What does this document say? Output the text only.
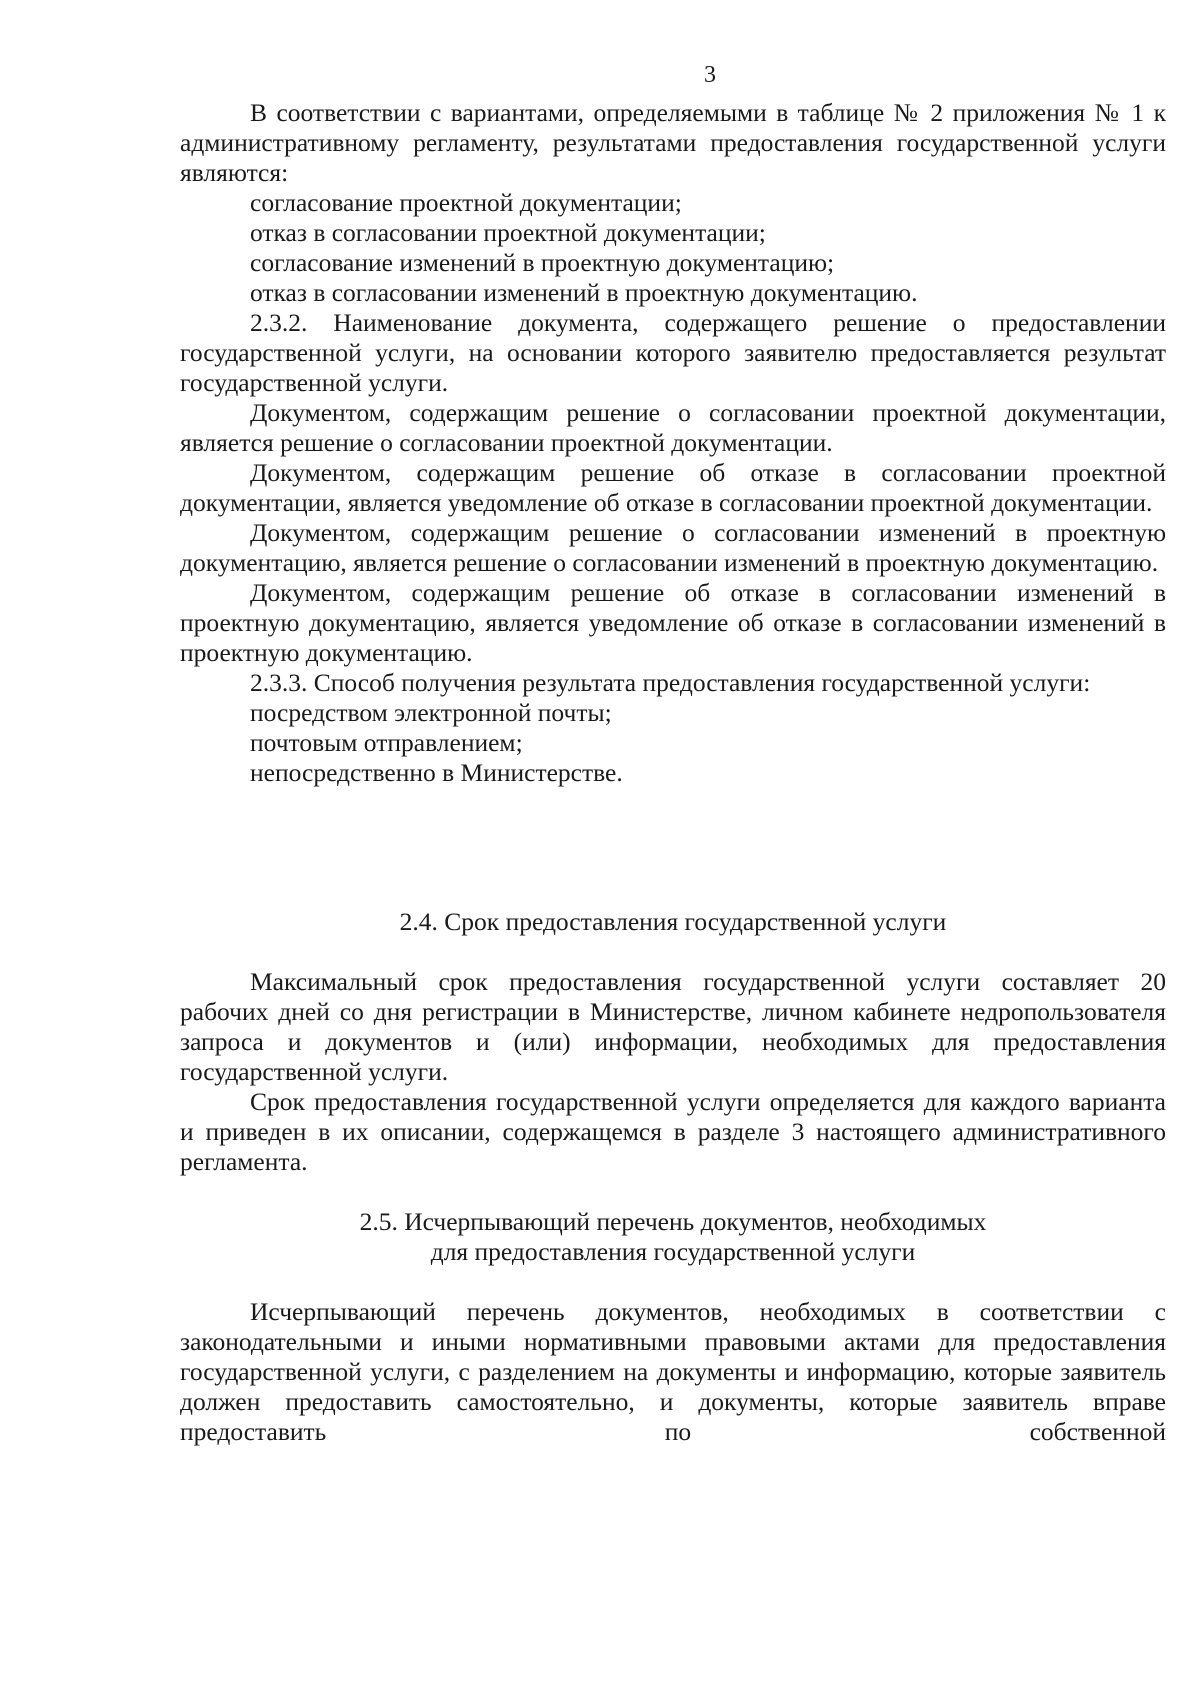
3

В соответствии с вариантами, определяемыми в таблице № 2 приложения № 1 к административному регламенту, результатами предоставления государственной услуги являются:

согласование проектной документации;

отказ в согласовании проектной документации;

согласование изменений в проектную документацию;

отказ в согласовании изменений в проектную документацию.

2.3.2. Наименование документа, содержащего решение о предоставлении государственной услуги, на основании которого заявителю предоставляется результат государственной услуги.

Документом, содержащим решение о согласовании проектной документации, является решение о согласовании проектной документации.

Документом, содержащим решение об отказе в согласовании проектной документации, является уведомление об отказе в согласовании проектной документации.

Документом, содержащим решение о согласовании изменений в проектную документацию, является решение о согласовании изменений в проектную документацию.

Документом, содержащим решение об отказе в согласовании изменений в проектную документацию, является уведомление об отказе в согласовании изменений в проектную документацию.

2.3.3. Способ получения результата предоставления государственной услуги:

посредством электронной почты;

почтовым отправлением;

непосредственно в Министерстве.

2.4. Срок предоставления государственной услуги

Максимальный срок предоставления государственной услуги составляет 20 рабочих дней со дня регистрации в Министерстве, личном кабинете недропользователя запроса и документов и (или) информации, необходимых для предоставления государственной услуги.

Срок предоставления государственной услуги определяется для каждого варианта и приведен в их описании, содержащемся в разделе 3 настоящего административного регламента.

2.5. Исчерпывающий перечень документов, необходимых

для предоставления государственной услуги

Исчерпывающий перечень документов, необходимых в соответствии с законодательными и иными нормативными правовыми актами для предоставления государственной услуги, с разделением на документы и информацию, которые заявитель должен предоставить самостоятельно, и документы, которые заявитель вправе предоставить по собственной
